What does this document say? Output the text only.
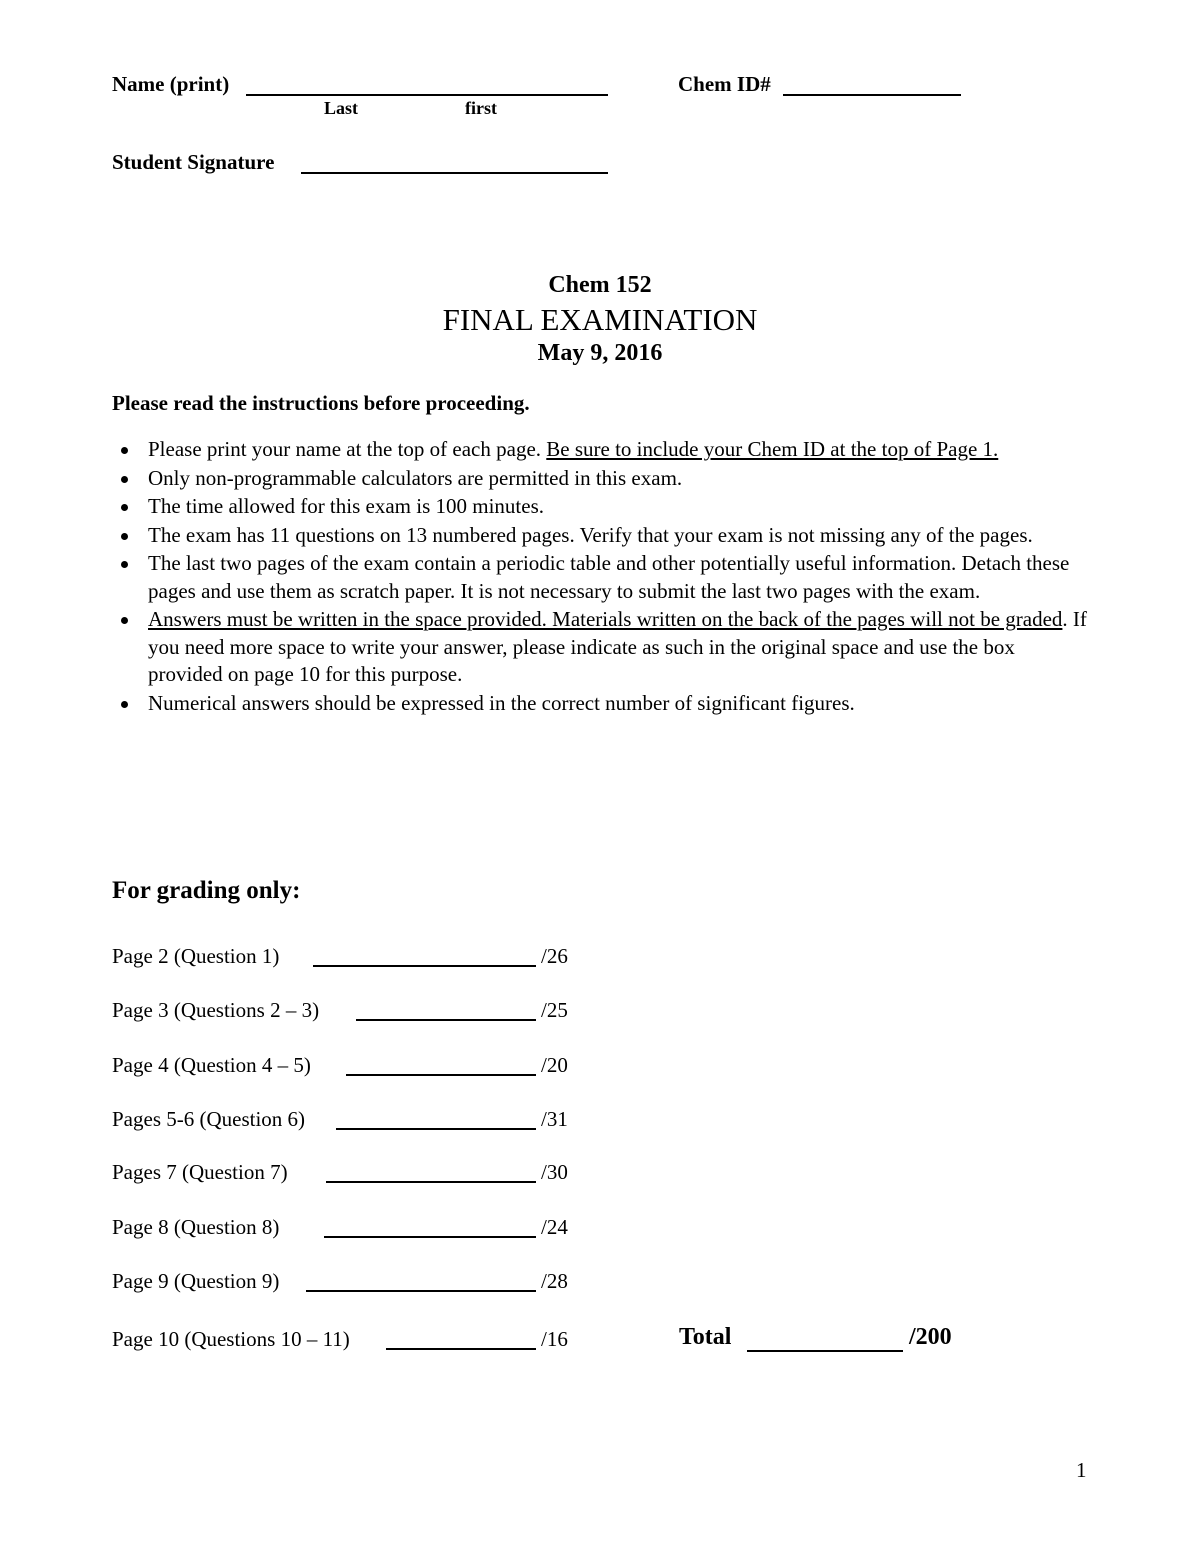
Name (print)
Last	first
Chem ID#
Student Signature
Chem 152
FINAL EXAMINATION
May 9, 2016
Please read the instructions before proceeding.
Please print your name at the top of each page. Be sure to include your Chem ID at the top of Page 1.
Only non-programmable calculators are permitted in this exam.
The time allowed for this exam is 100 minutes.
The exam has 11 questions on 13 numbered pages. Verify that your exam is not missing any of the pages.
The last two pages of the exam contain a periodic table and other potentially useful information. Detach these pages and use them as scratch paper. It is not necessary to submit the last two pages with the exam.
Answers must be written in the space provided. Materials written on the back of the pages will not be graded. If you need more space to write your answer, please indicate as such in the original space and use the box provided on page 10 for this purpose.
Numerical answers should be expressed in the correct number of significant figures.
For grading only:
Page 2 (Question 1)	/26
Page 3 (Questions 2 – 3)	/25
Page 4 (Question 4 – 5)	/20
Pages 5-6 (Question 6)	/31
Pages 7 (Question 7)	/30
Page 8 (Question 8)	/24
Page 9 (Question 9)	/28
Page 10 (Questions 10 – 11)	/16	Total	/200
1
